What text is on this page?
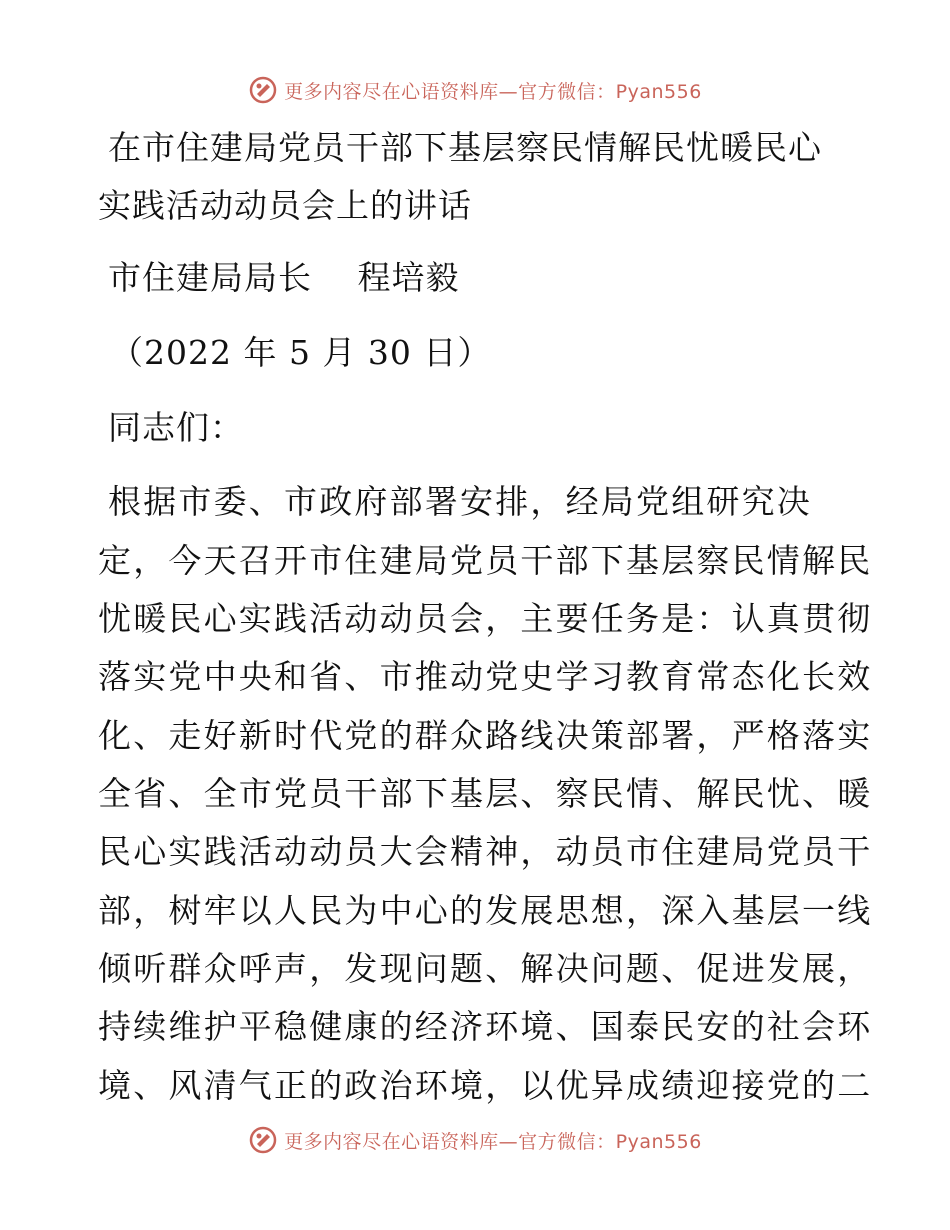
更多内容尽在心语资料库—官方微信：Pyan556
在市住建局党员干部下基层察民情解民忧暖民心
实践活动动员会上的讲话
市住建局局长　 程培毅
（2022 年 5 月 30 日）
同志们：
根据市委、市政府部署安排，经局党组研究决
定，今天召开市住建局党员干部下基层察民情解民
忧暖民心实践活动动员会，主要任务是：认真贯彻
落实党中央和省、市推动党史学习教育常态化长效
化、走好新时代党的群众路线决策部署，严格落实
全省、全市党员干部下基层、察民情、解民忧、暖
民心实践活动动员大会精神，动员市住建局党员干
部，树牢以人民为中心的发展思想，深入基层一线
倾听群众呼声，发现问题、解决问题、促进发展，
持续维护平稳健康的经济环境、国泰民安的社会环
境、风清气正的政治环境，以优异成绩迎接党的二
更多内容尽在心语资料库—官方微信：Pyan556
